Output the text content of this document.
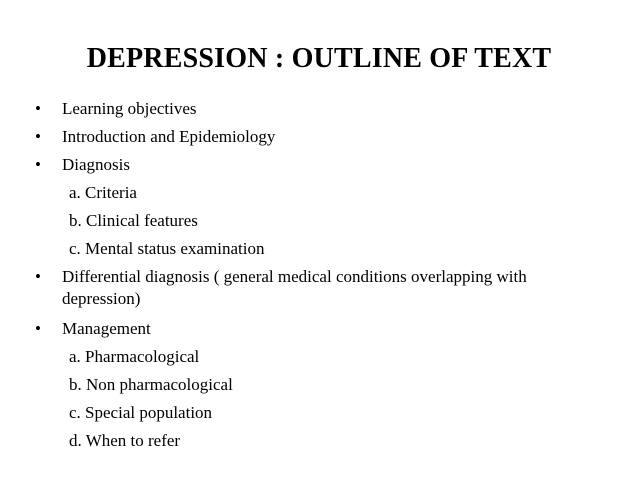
DEPRESSION : OUTLINE OF TEXT
• Learning objectives
• Introduction and Epidemiology
• Diagnosis
a. Criteria
b. Clinical features
c. Mental status examination
• Differential diagnosis ( general medical conditions overlapping with
depression)
• Management
a. Pharmacological
b. Non pharmacological
c. Special population
d. When to refer
